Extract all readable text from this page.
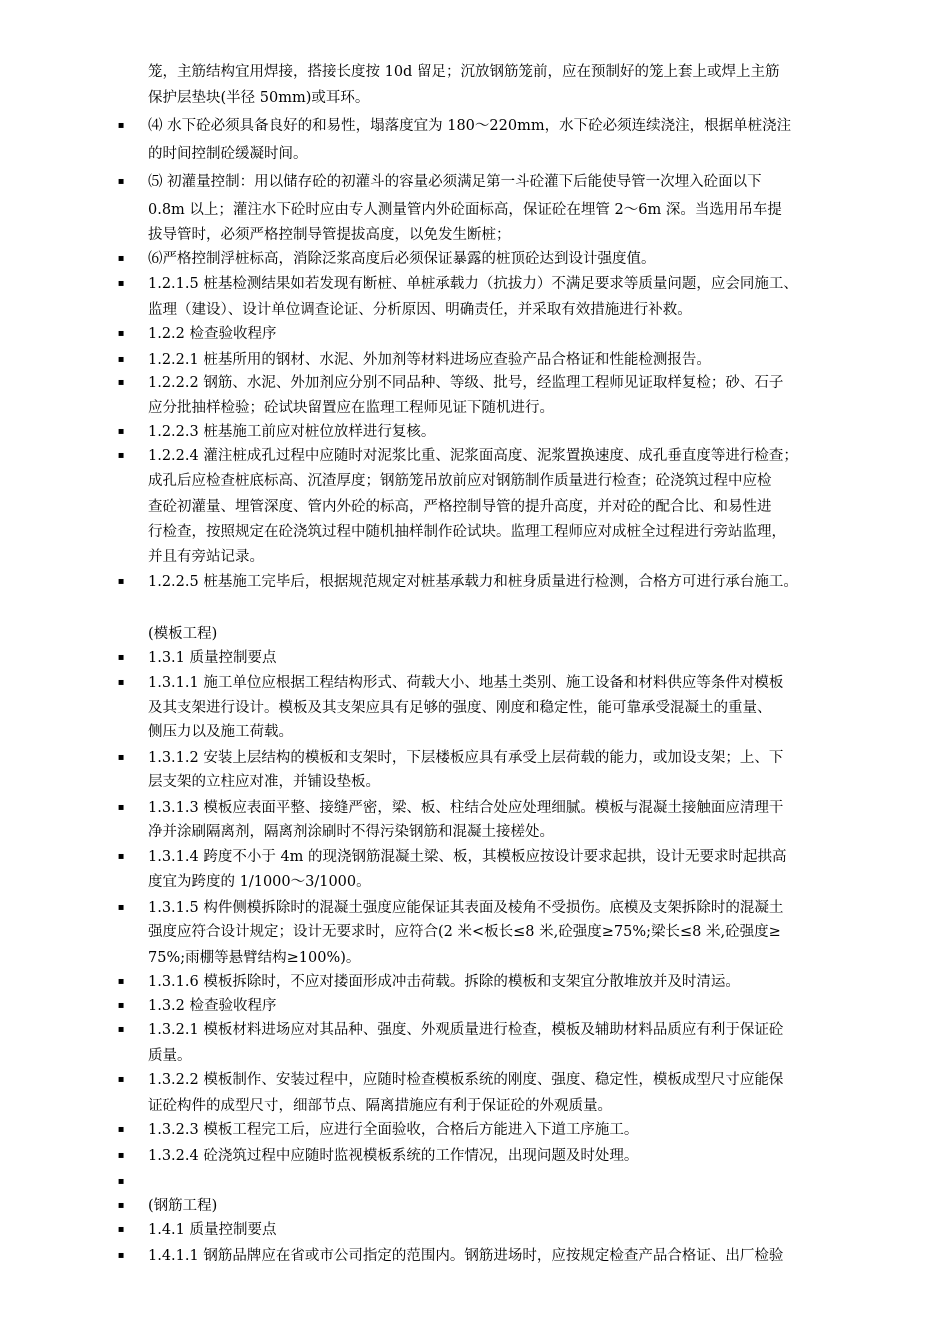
笼，主筋结构宜用焊接，搭接长度按 10d 留足；沉放钢筋笼前，应在预制好的笼上套上或焊上主筋
保护层垫块(半径 50mm)或耳环。
▪
⑷ 水下砼必须具备良好的和易性，塌落度宜为 180～220mm，水下砼必须连续浇注，根据单桩浇注
的时间控制砼缓凝时间。
▪
⑸ 初灌量控制：用以储存砼的初灌斗的容量必须满足第一斗砼灌下后能使导管一次埋入砼面以下
0.8m 以上；灌注水下砼时应由专人测量管内外砼面标高，保证砼在埋管 2～6m 深。当选用吊车提
拔导管时，必须严格控制导管提拔高度，以免发生断桩；
▪
⑹严格控制浮桩标高，消除泛浆高度后必须保证暴露的桩顶砼达到设计强度值。
▪
1.2.1.5 桩基检测结果如若发现有断桩、单桩承载力（抗拔力）不满足要求等质量问题，应会同施工、
监理（建设）、设计单位调查论证、分析原因、明确责任，并采取有效措施进行补救。
▪
1.2.2 检查验收程序
▪
1.2.2.1 桩基所用的钢材、水泥、外加剂等材料进场应查验产品合格证和性能检测报告。
▪
1.2.2.2 钢筋、水泥、外加剂应分别不同品种、等级、批号，经监理工程师见证取样复检；砂、石子
应分批抽样检验；砼试块留置应在监理工程师见证下随机进行。
▪
1.2.2.3 桩基施工前应对桩位放样进行复核。
▪
1.2.2.4 灌注桩成孔过程中应随时对泥浆比重、泥浆面高度、泥浆置换速度、成孔垂直度等进行检查；
成孔后应检查桩底标高、沉渣厚度；钢筋笼吊放前应对钢筋制作质量进行检查；砼浇筑过程中应检
查砼初灌量、埋管深度、管内外砼的标高，严格控制导管的提升高度，并对砼的配合比、和易性进
行检查，按照规定在砼浇筑过程中随机抽样制作砼试块。监理工程师应对成桩全过程进行旁站监理，
并且有旁站记录。
▪
1.2.2.5 桩基施工完毕后，根据规范规定对桩基承载力和桩身质量进行检测，合格方可进行承台施工。
(模板工程)
▪
1.3.1 质量控制要点
▪
1.3.1.1 施工单位应根据工程结构形式、荷载大小、地基土类别、施工设备和材料供应等条件对模板
及其支架进行设计。模板及其支架应具有足够的强度、刚度和稳定性，能可靠承受混凝土的重量、
侧压力以及施工荷载。
▪
1.3.1.2 安装上层结构的模板和支架时，下层楼板应具有承受上层荷载的能力，或加设支架；上、下
层支架的立柱应对准，并铺设垫板。
▪
1.3.1.3 模板应表面平整、接缝严密，梁、板、柱结合处应处理细腻。模板与混凝土接触面应清理干
净并涂刷隔离剂，隔离剂涂刷时不得污染钢筋和混凝土接槎处。
▪
1.3.1.4 跨度不小于 4m 的现浇钢筋混凝土梁、板，其模板应按设计要求起拱，设计无要求时起拱高
度宜为跨度的 1/1000～3/1000。
▪
1.3.1.5 构件侧模拆除时的混凝土强度应能保证其表面及棱角不受损伤。底模及支架拆除时的混凝土
强度应符合设计规定；设计无要求时，应符合(2 米<板长≤8 米,砼强度≥75%;梁长≤8 米,砼强度≥
75%;雨棚等悬臂结构≥100%)。
▪
1.3.1.6 模板拆除时，不应对搂面形成冲击荷载。拆除的模板和支架宜分散堆放并及时清运。
▪
1.3.2 检查验收程序
▪
1.3.2.1 模板材料进场应对其品种、强度、外观质量进行检查，模板及辅助材料品质应有利于保证砼
质量。
▪
1.3.2.2 模板制作、安装过程中，应随时检查模板系统的刚度、强度、稳定性，模板成型尺寸应能保
证砼构件的成型尺寸，细部节点、隔离措施应有利于保证砼的外观质量。
▪
1.3.2.3 模板工程完工后，应进行全面验收，合格后方能进入下道工序施工。
▪
1.3.2.4 砼浇筑过程中应随时监视模板系统的工作情况，出现问题及时处理。
▪
▪
(钢筋工程)
▪
1.4.1 质量控制要点
▪
1.4.1.1 钢筋品牌应在省或市公司指定的范围内。钢筋进场时，应按规定检查产品合格证、出厂检验
